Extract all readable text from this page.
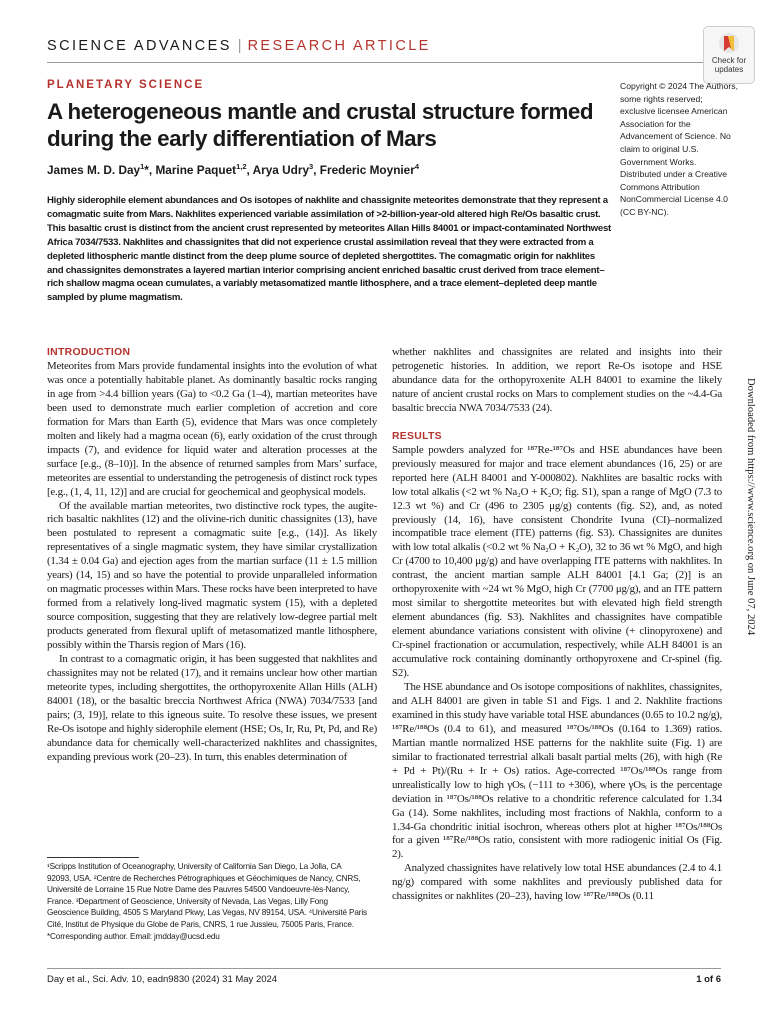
SCIENCE ADVANCES | RESEARCH ARTICLE
Check for
updates
PLANETARY SCIENCE
A heterogeneous mantle and crustal structure formed during the early differentiation of Mars
James M. D. Day$^1$*, Marine Paquet$^{1,2}$, Arya Udry$^3$, Frederic Moynier$^4$
Copyright © 2024 The Authors, some rights reserved; exclusive licensee American Association for the Advancement of Science. No claim to original U.S. Government Works. Distributed under a Creative Commons Attribution NonCommercial License 4.0 (CC BY-NC).
Highly siderophile element abundances and Os isotopes of nakhlite and chassignite meteorites demonstrate that they represent a comagmatic suite from Mars. Nakhlites experienced variable assimilation of >2-billion-year-old altered high Re/Os basaltic crust. This basaltic crust is distinct from the ancient crust represented by meteorites Allan Hills 84001 or impact-contaminated Northwest Africa 7034/7533. Nakhlites and chassignites that did not experience crustal assimilation reveal that they were extracted from a depleted lithospheric mantle distinct from the deep plume source of depleted shergottites. The comagmatic origin for nakhlites and chassignites demonstrates a layered martian interior comprising ancient enriched basaltic crust derived from trace element–rich shallow magma ocean cumulates, a variably metasomatized mantle lithosphere, and a trace element–depleted deep mantle sampled by plume magmatism.
INTRODUCTION

Meteorites from Mars provide fundamental insights into the evolution of what was once a potentially habitable planet. As dominantly basaltic rocks ranging in age from >4.4 billion years (Ga) to <0.2 Ga (1–4), martian meteorites have been used to demonstrate much earlier completion of accretion and core formation for Mars than Earth (5), evidence that Mars was once completely molten and likely had a magma ocean (6), early oxidation of the crust through impacts (7), and evidence for liquid water and alteration processes at the surface [e.g., (8–10)]. In the absence of returned samples from Mars’ surface, meteorites are essential to understanding the petrogenesis of distinct rock types [e.g., (1, 4, 11, 12)] and are crucial for geochemical and geophysical models.

Of the available martian meteorites, two distinctive rock types, the augite-rich basaltic nakhlites (12) and the olivine-rich dunitic chassignites (13), have been postulated to represent a comagmatic suite [e.g., (14)]. As likely representatives of a single magmatic system, they have similar crystallization (1.34 ± 0.04 Ga) and ejection ages from the martian surface (11 ± 1.5 million years) (14, 15) and so have the potential to provide unparalleled information on magmatic processes within Mars. These rocks have been interpreted to have formed from a relatively long-lived magmatic system (15), with a depleted source composition, suggesting that they are relatively low-degree partial melt products generated from flexural uplift of metasomatized mantle lithosphere, possibly within the Tharsis region of Mars (16).

In contrast to a comagmatic origin, it has been suggested that nakhlites and chassignites may not be related (17), and it remains unclear how other martian meteorite types, including shergottites, the orthopyroxenite Allan Hills (ALH) 84001 (18), or the basaltic breccia Northwest Africa (NWA) 7034/7533 [and pairs; (3, 19)], relate to this igneous suite. To resolve these issues, we present Re-Os isotope and highly siderophile element (HSE; Os, Ir, Ru, Pt, Pd, and Re) abundance data for chemically well-characterized nakhlites and chassignites, expanding previous work (20–23). In turn, this enables determination of

whether nakhlites and chassignites are related and insights into their petrogenetic histories. In addition, we report Re-Os isotope and HSE abundance data for the orthopyroxenite ALH 84001 to examine the likely nature of ancient crustal rocks on Mars to complement studies on the ~4.4-Ga basaltic breccia NWA 7034/7533 (24).

RESULTS

Sample powders analyzed for ¹⁸⁷Re-¹⁸⁷Os and HSE abundances have been previously measured for major and trace element abundances (16, 25) or are reported here (ALH 84001 and Y-000802). Nakhlites are basaltic rocks with low total alkalis (<2 wt % Na₂O + K₂O; fig. S1), span a range of MgO (7.3 to 12.3 wt %) and Cr (496 to 2305 μg/g) contents (fig. S2), and, as noted previously (14, 16), have consistent Chondrite Ivuna (CI)–normalized incompatible trace element (ITE) patterns (fig. S3). Chassignites are dunites with low total alkalis (<0.2 wt % Na₂O + K₂O), 32 to 36 wt % MgO, and high Cr (4700 to 10,400 μg/g) and have overlapping ITE patterns with nakhlites. In contrast, the ancient martian sample ALH 84001 [4.1 Ga; (2)] is an orthopyroxenite with ~24 wt % MgO, high Cr (7700 μg/g), and an ITE pattern most similar to shergottite meteorites but with elevated high field strength element abundances (fig. S3). Nakhlites and chassignites have compatible element abundance variations consistent with olivine (+ clinopyroxene) and Cr-spinel fractionation or accumulation, respectively, while ALH 84001 is an accumulative rock containing dominantly orthopyroxene and Cr-spinel (fig. S2).

The HSE abundance and Os isotope compositions of nakhlites, chassignites, and ALH 84001 are given in table S1 and Figs. 1 and 2. Nakhlite fractions examined in this study have variable total HSE abundances (0.65 to 10.2 ng/g), ¹⁸⁷Re/¹⁸⁸Os (0.4 to 61), and measured ¹⁸⁷Os/¹⁸⁸Os (0.164 to 1.369) ratios. Martian mantle normalized HSE patterns for the nakhlite suite (Fig. 1) are similar to fractionated terrestrial alkali basalt partial melts (26), with high (Re + Pd + Pt)/(Ru + Ir + Os) ratios. Age-corrected ¹⁸⁷Os/¹⁸⁸Os range from unrealistically low to high γOsᵢ (−111 to +306), where γOsᵢ is the percentage deviation in ¹⁸⁷Os/¹⁸⁸Os relative to a chondritic reference calculated for 1.34 Ga (14). Some nakhlites, including most fractions of Nakhla, conform to a 1.34-Ga chondritic initial isochron, whereas others plot at higher ¹⁸⁷Os/¹⁸⁸Os for a given ¹⁸⁷Re/¹⁸⁸Os ratio, consistent with more radiogenic initial Os (Fig. 2).

Analyzed chassignites have relatively low total HSE abundances (2.4 to 4.1 ng/g) compared with some nakhlites and previously published data for chassignites or nakhlites (20–23), having low ¹⁸⁷Re/¹⁸⁸Os (0.11

¹Scripps Institution of Oceanography, University of California San Diego, La Jolla, CA 92093, USA. ²Centre de Recherches Pétrographiques et Géochimiques de Nancy, CNRS, Université de Lorraine 15 Rue Notre Dame des Pauvres 54500 Vandoeuvre-lès-Nancy, France. ³Department of Geoscience, University of Nevada, Las Vegas, Lilly Fong Geoscience Building, 4505 S Maryland Pkwy, Las Vegas, NV 89154, USA. ⁴Université Paris Cité, Institut de Physique du Globe de Paris, CNRS, 1 rue Jussieu, 75005 Paris, France.

*Corresponding author. Email: jmdday@ucsd.edu

Day et al., Sci. Adv. 10, eadn9830 (2024) 31 May 2024	1 of 6
Downloaded from https://www.science.org on June 07, 2024
